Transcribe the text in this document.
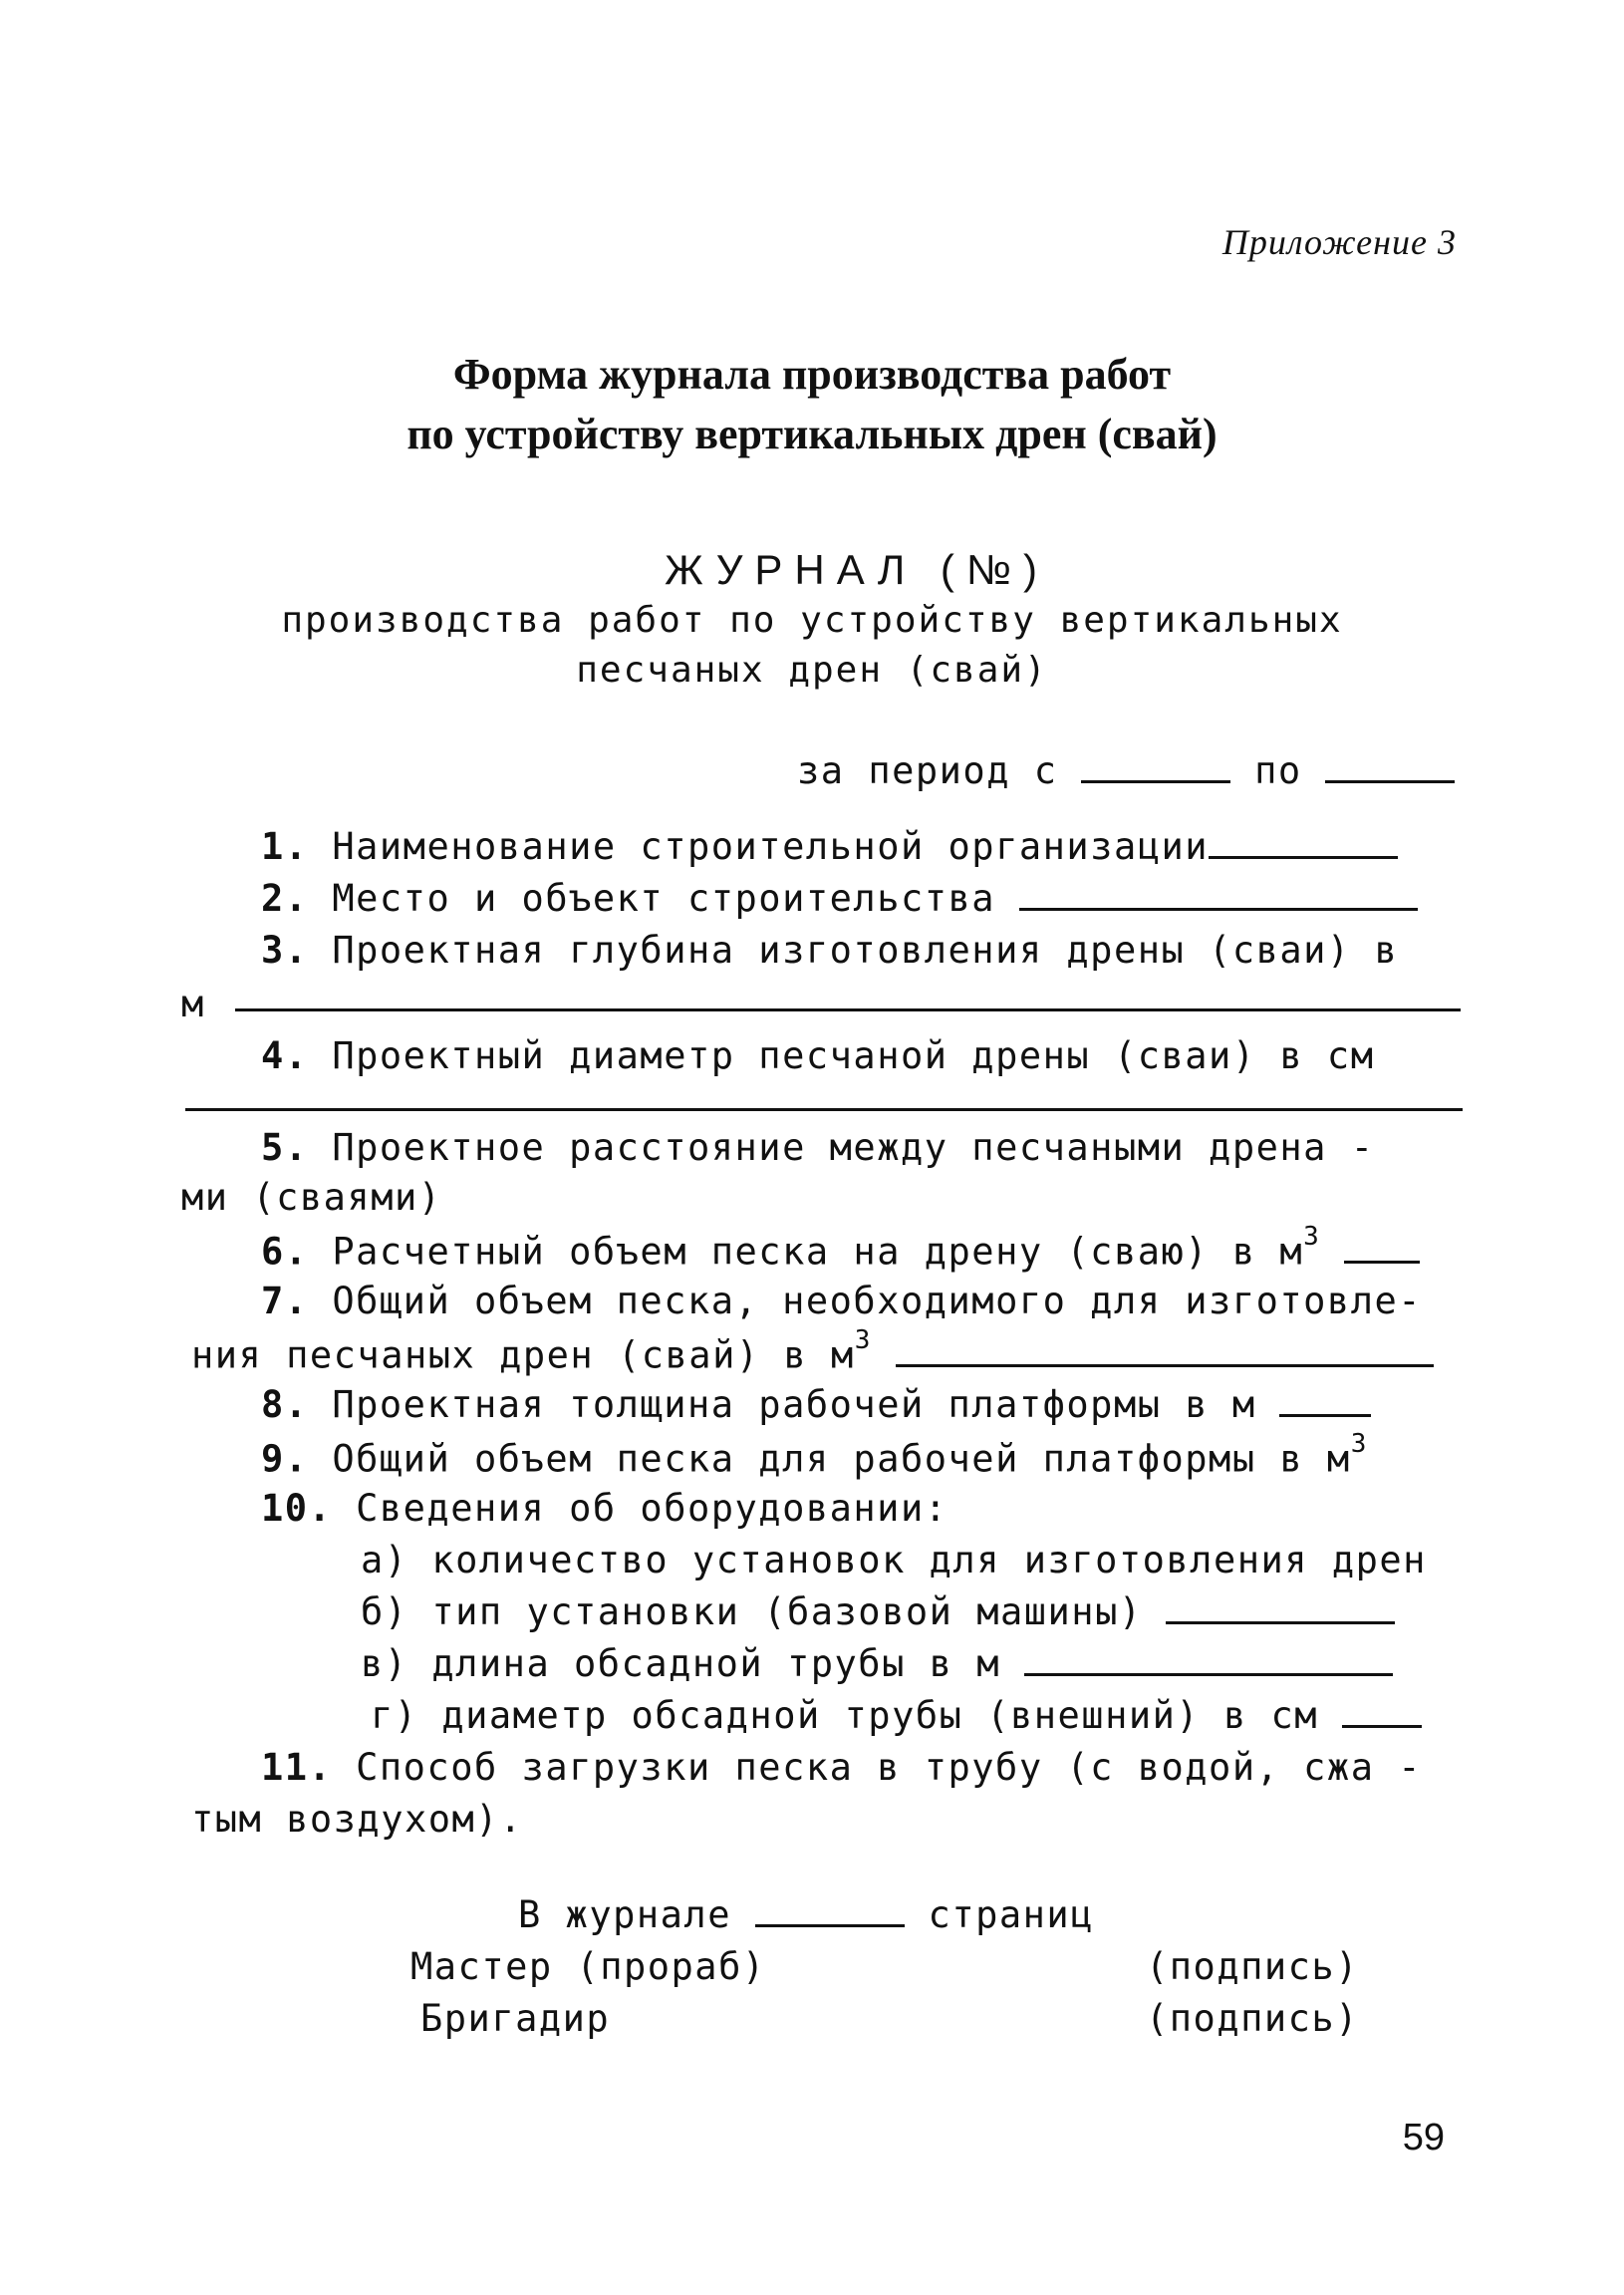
Приложение 3
Форма журнала производства работ
по устройству вертикальных дрен (свай)
ЖУРНАЛ (№)
производства работ по устройству вертикальных
песчаных дрен (свай)
за период с	по
1. Наименование строительной организации
2. Место и объект строительства
3. Проектная глубина изготовления дрены (сваи) в
м
4. Проектный диаметр песчаной дрены (сваи) в см
5. Проектное расстояние между песчаными дрена -
ми (сваями)
6. Расчетный объем песка на дрену (сваю) в $м^3$
7. Общий объем песка, необходимого для изготовле-
ния песчаных дрен (свай) в $м^3$
8. Проектная толщина рабочей платформы в м
9. Общий объем песка для рабочей платформы в $м^3$
10. Сведения об оборудовании:
а) количество установок для изготовления дрен
б) тип установки (базовой машины)
в) длина обсадной трубы в м
г) диаметр обсадной трубы (внешний) в см
11. Способ загрузки песка в трубу (с водой, сжа -
тым воздухом).
В журнале	страниц
Мастер (прораб)	(подпись)
Бригадир	(подпись)
59
